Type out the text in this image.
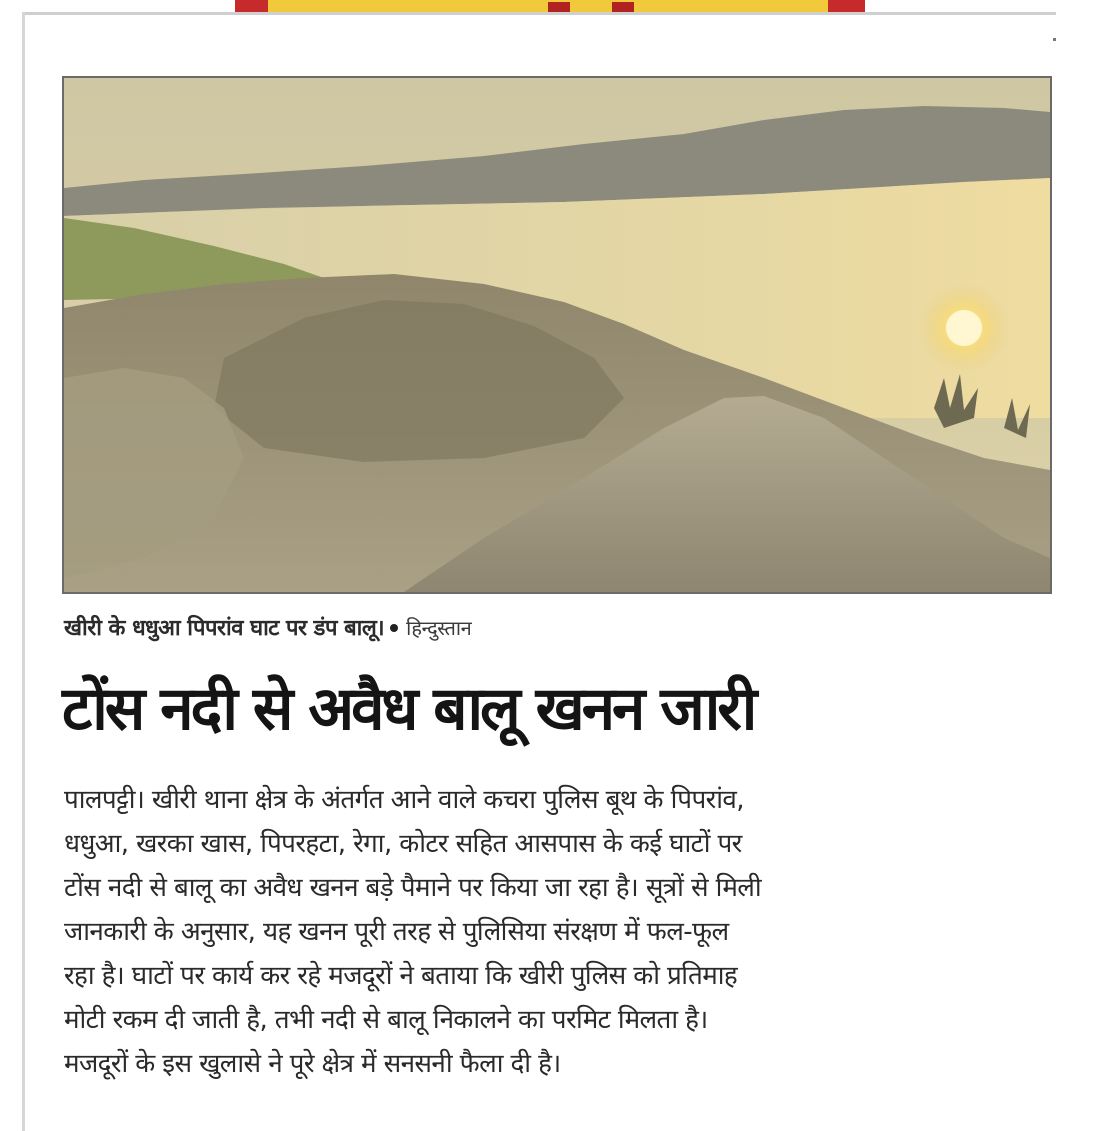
खीरी के धधुआ पिपरांव घाट पर डंप बालू। हिन्दुस्तान
टोंस नदी से अवैध बालू खनन जारी
पालपट्टी। खीरी थाना क्षेत्र के अंतर्गत आने वाले कचरा पुलिस बूथ के पिपरांव,
धधुआ, खरका खास, पिपरहटा, रेगा, कोटर सहित आसपास के कई घाटों पर
टोंस नदी से बालू का अवैध खनन बड़े पैमाने पर किया जा रहा है। सूत्रों से मिली
जानकारी के अनुसार, यह खनन पूरी तरह से पुलिसिया संरक्षण में फल-फूल
रहा है। घाटों पर कार्य कर रहे मजदूरों ने बताया कि खीरी पुलिस को प्रतिमाह
मोटी रकम दी जाती है, तभी नदी से बालू निकालने का परमिट मिलता है।
मजदूरों के इस खुलासे ने पूरे क्षेत्र में सनसनी फैला दी है।
